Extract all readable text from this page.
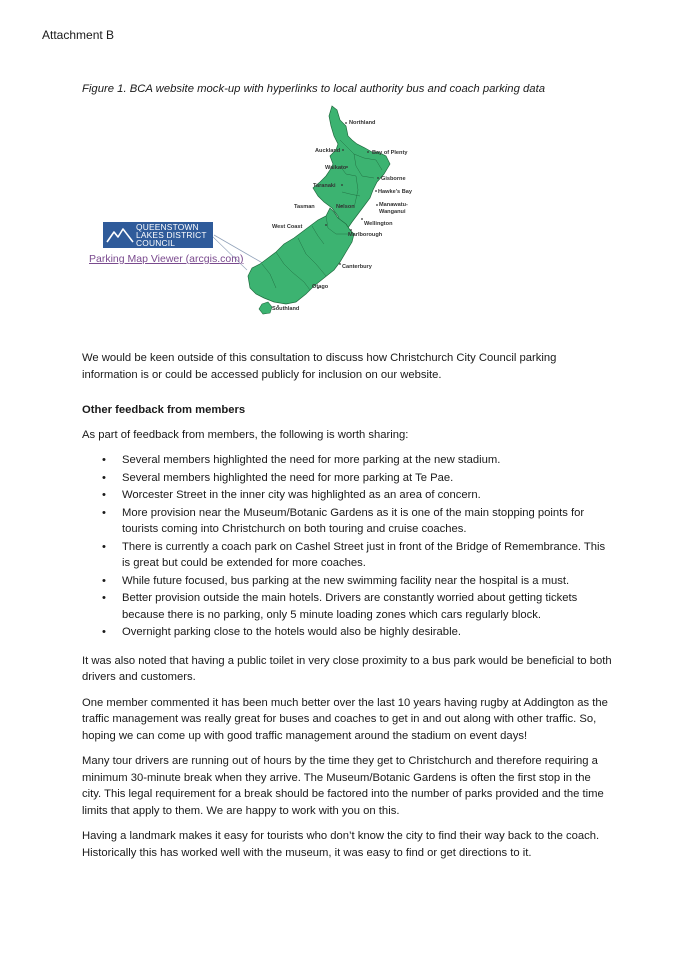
Attachment B
Figure 1. BCA website mock-up with hyperlinks to local authority bus and coach parking data
Northland
Auckland	Bay of Plenty
Waikato
Gisborne
Taranaki
Hawke's Bay
Manawatu-
Wanganui
Tasman	Nelson
Wellington
West Coast
Marlborough
Canterbury
Otago
Southland
QUEENSTOWN
LAKES DISTRICT
COUNCIL
Parking Map Viewer (arcgis.com)

We would be keen outside of this consultation to discuss how Christchurch City Council parking information is or could be accessed publicly for inclusion on our website.

Other feedback from members

As part of feedback from members, the following is worth sharing:

• Several members highlighted the need for more parking at the new stadium.
• Several members highlighted the need for more parking at Te Pae.
• Worcester Street in the inner city was highlighted as an area of concern.
• More provision near the Museum/Botanic Gardens as it is one of the main stopping points for tourists coming into Christchurch on both touring and cruise coaches.
• There is currently a coach park on Cashel Street just in front of the Bridge of Remembrance. This is great but could be extended for more coaches.
• While future focused, bus parking at the new swimming facility near the hospital is a must.
• Better provision outside the main hotels. Drivers are constantly worried about getting tickets because there is no parking, only 5 minute loading zones which cars regularly block.
• Overnight parking close to the hotels would also be highly desirable.

It was also noted that having a public toilet in very close proximity to a bus park would be beneficial to both drivers and customers.

One member commented it has been much better over the last 10 years having rugby at Addington as the traffic management was really great for buses and coaches to get in and out along with other traffic. So, hoping we can come up with good traffic management around the stadium on event days!

Many tour drivers are running out of hours by the time they get to Christchurch and therefore requiring a minimum 30-minute break when they arrive. The Museum/Botanic Gardens is often the first stop in the city. This legal requirement for a break should be factored into the number of parks provided and the time limits that apply to them. We are happy to work with you on this.

Having a landmark makes it easy for tourists who don’t know the city to find their way back to the coach. Historically this has worked well with the museum, it was easy to find or get directions to it.
